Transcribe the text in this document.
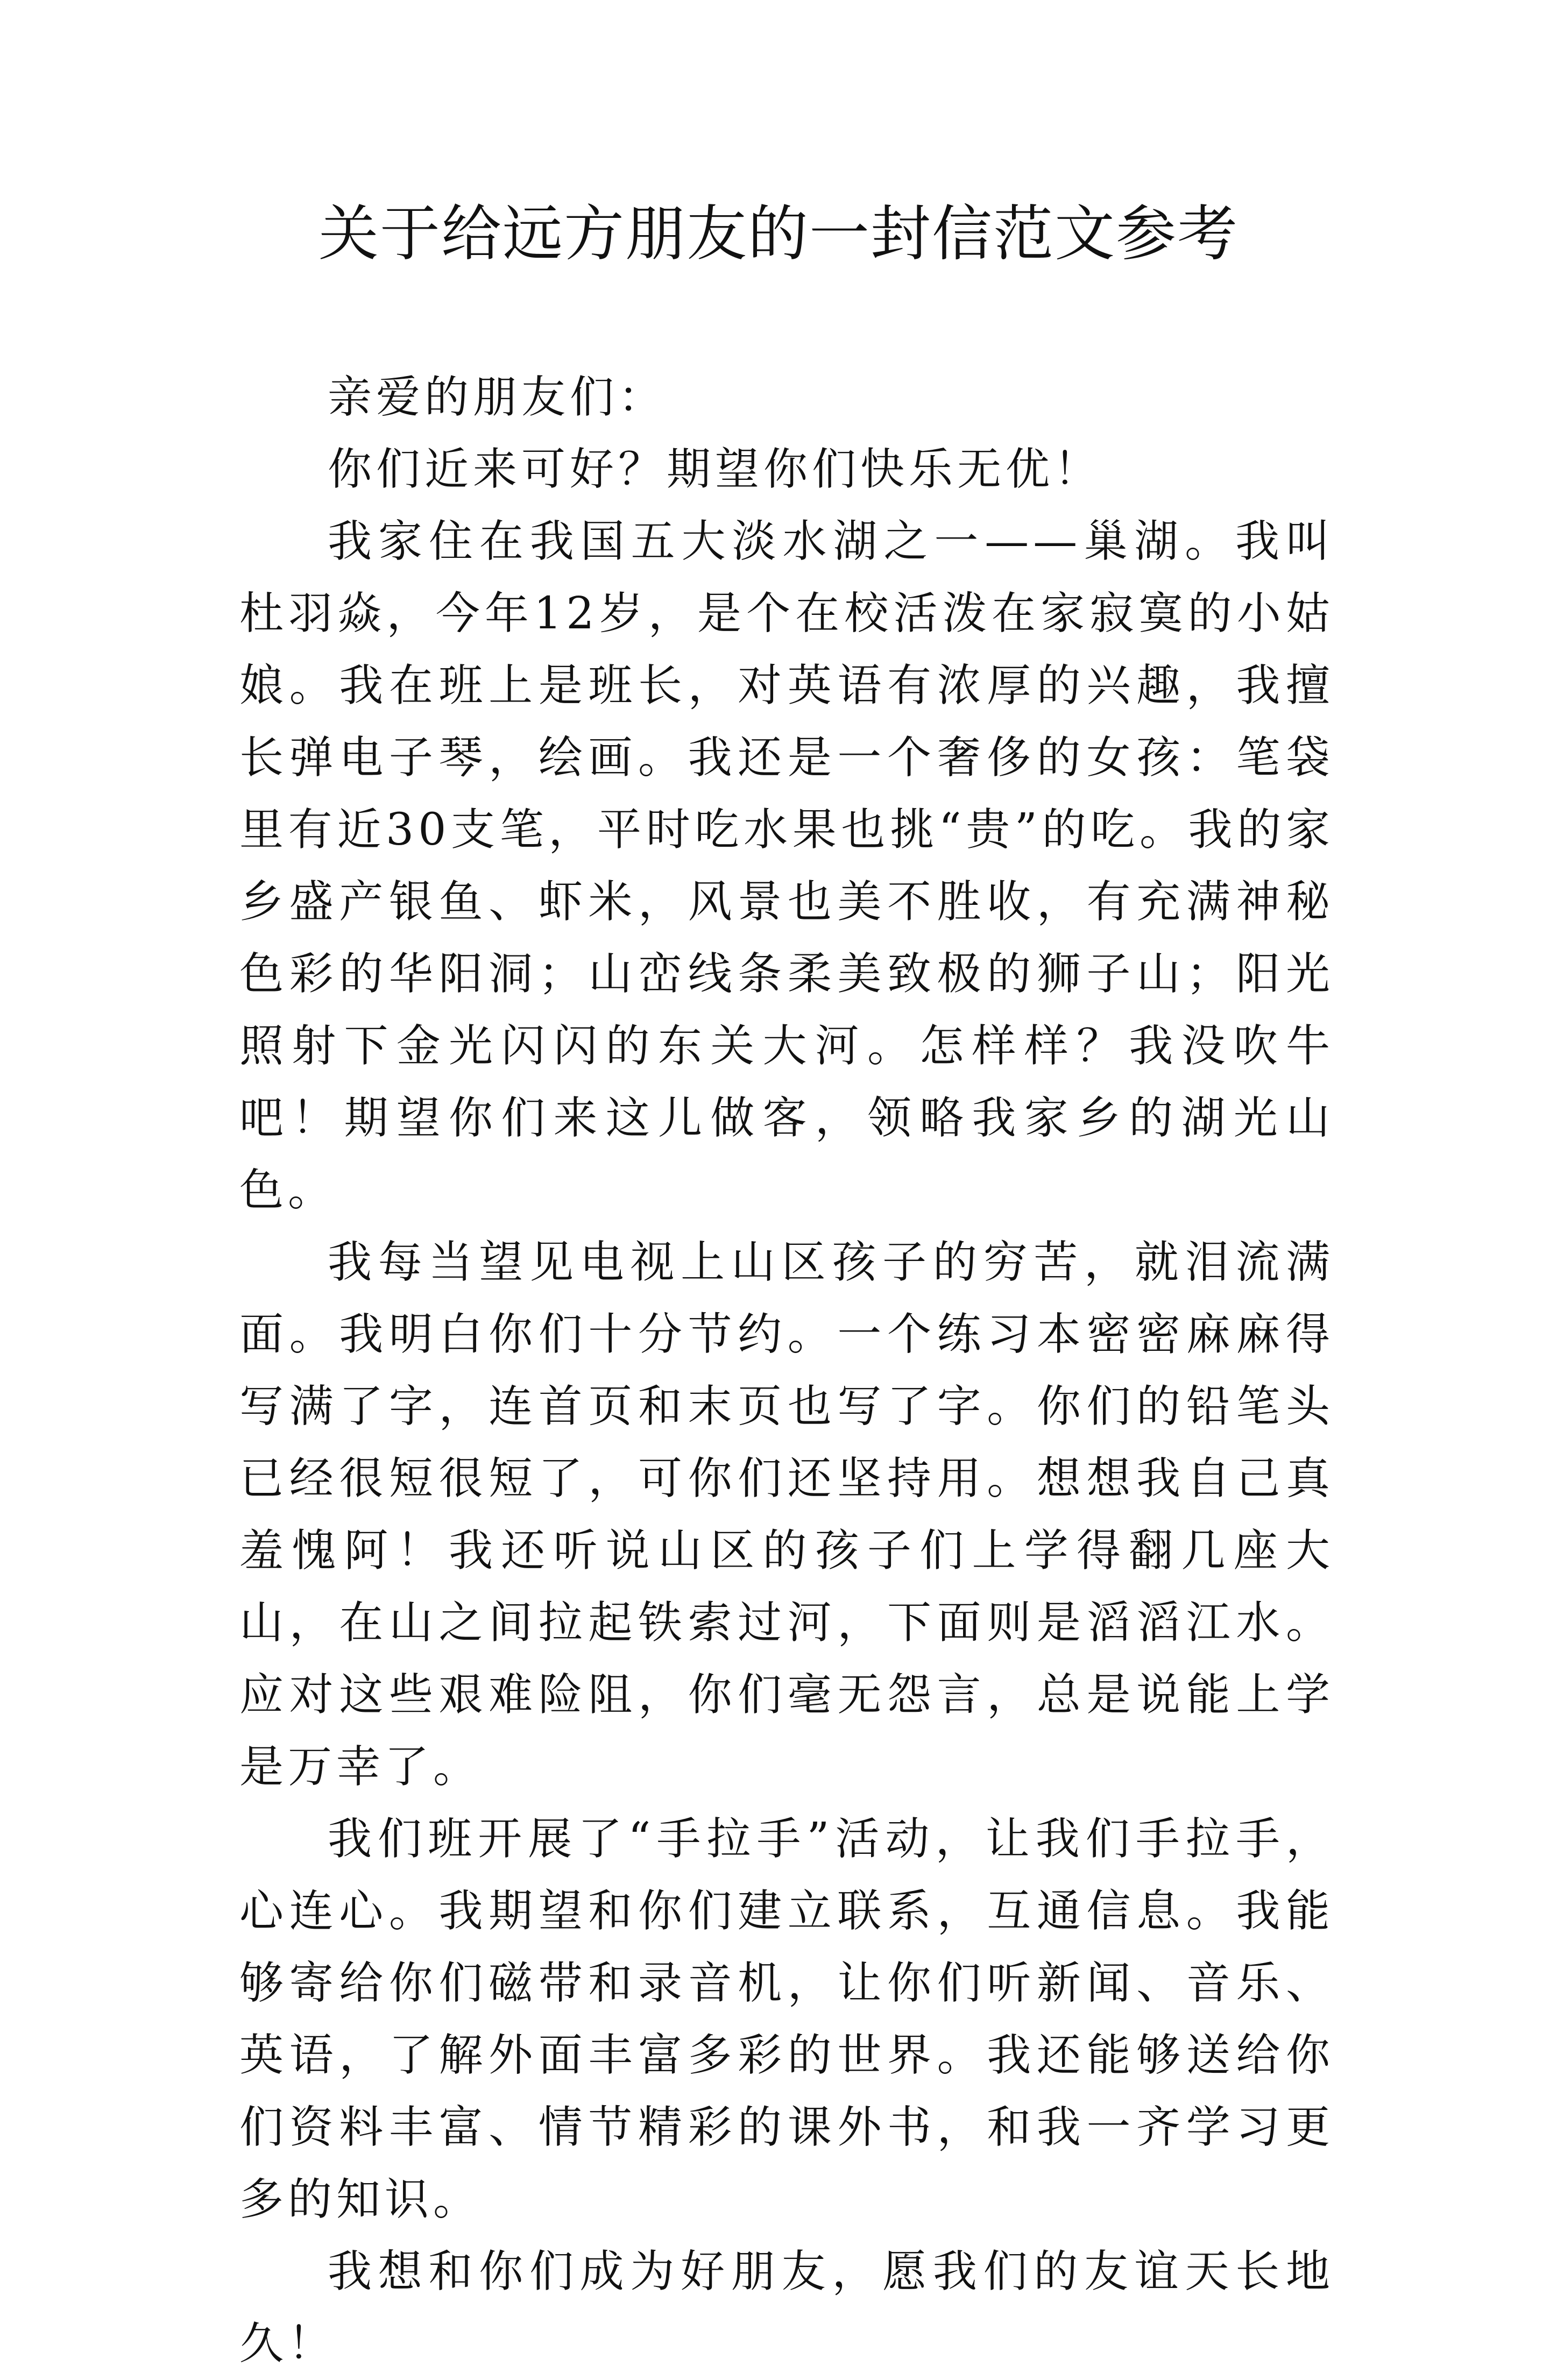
关于给远方朋友的一封信范文参考

亲爱的朋友们：

你们近来可好？期望你们快乐无优！

我家住在我国五大淡水湖之一——巢湖。我叫杜羽焱，今年12岁，是个在校活泼在家寂寞的小姑娘。我在班上是班长，对英语有浓厚的兴趣，我擅长弹电子琴，绘画。我还是一个奢侈的女孩：笔袋里有近30支笔，平时吃水果也挑“贵”的吃。我的家乡盛产银鱼、虾米，风景也美不胜收，有充满神秘色彩的华阳洞；山峦线条柔美致极的狮子山；阳光照射下金光闪闪的东关大河。怎样样？我没吹牛吧！期望你们来这儿做客，领略我家乡的湖光山色。

我每当望见电视上山区孩子的穷苦，就泪流满面。我明白你们十分节约。一个练习本密密麻麻得写满了字，连首页和末页也写了字。你们的铅笔头已经很短很短了，可你们还坚持用。想想我自己真羞愧阿！我还听说山区的孩子们上学得翻几座大山，在山之间拉起铁索过河，下面则是滔滔江水。应对这些艰难险阻，你们毫无怨言，总是说能上学是万幸了。

我们班开展了“手拉手”活动，让我们手拉手，心连心。我期望和你们建立联系，互通信息。我能够寄给你们磁带和录音机，让你们听新闻、音乐、英语，了解外面丰富多彩的世界。我还能够送给你们资料丰富、情节精彩的课外书，和我一齐学习更多的知识。

我想和你们成为好朋友，愿我们的友谊天长地久！
